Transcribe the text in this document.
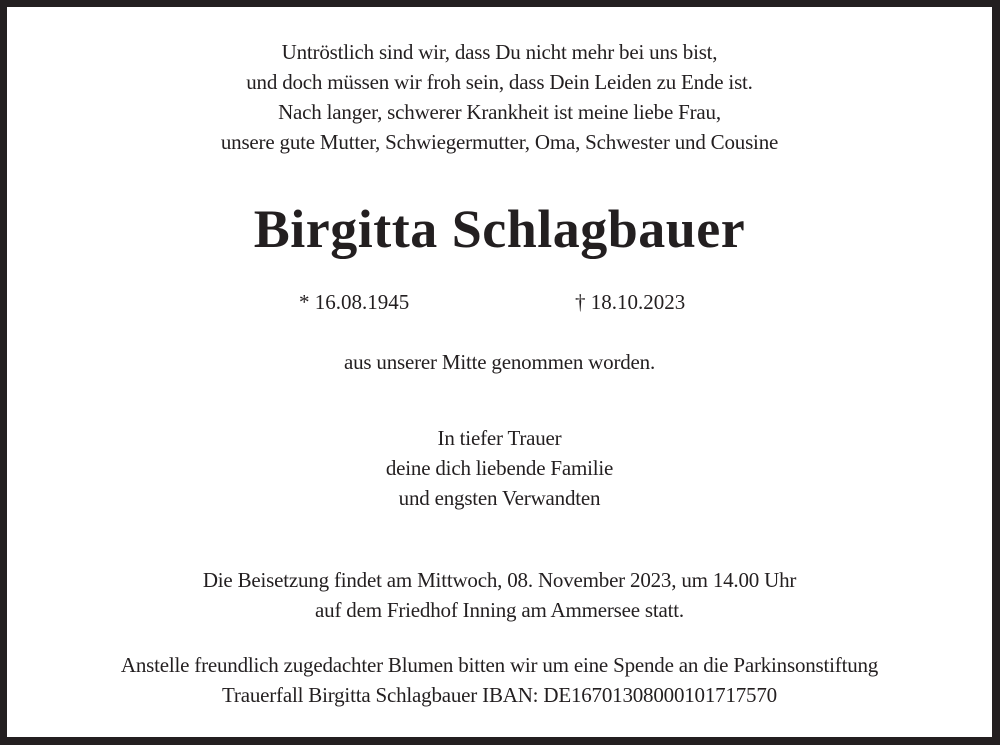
Untröstlich sind wir, dass Du nicht mehr bei uns bist,
und doch müssen wir froh sein, dass Dein Leiden zu Ende ist.
Nach langer, schwerer Krankheit ist meine liebe Frau,
unsere gute Mutter, Schwiegermutter, Oma, Schwester und Cousine
Birgitta Schlagbauer
* 16.08.1945	† 18.10.2023
aus unserer Mitte genommen worden.
In tiefer Trauer
deine dich liebende Familie
und engsten Verwandten
Die Beisetzung findet am Mittwoch, 08. November 2023, um 14.00 Uhr
auf dem Friedhof Inning am Ammersee statt.
Anstelle freundlich zugedachter Blumen bitten wir um eine Spende an die Parkinsonstiftung
Trauerfall Birgitta Schlagbauer IBAN: DE16701308000101717570
